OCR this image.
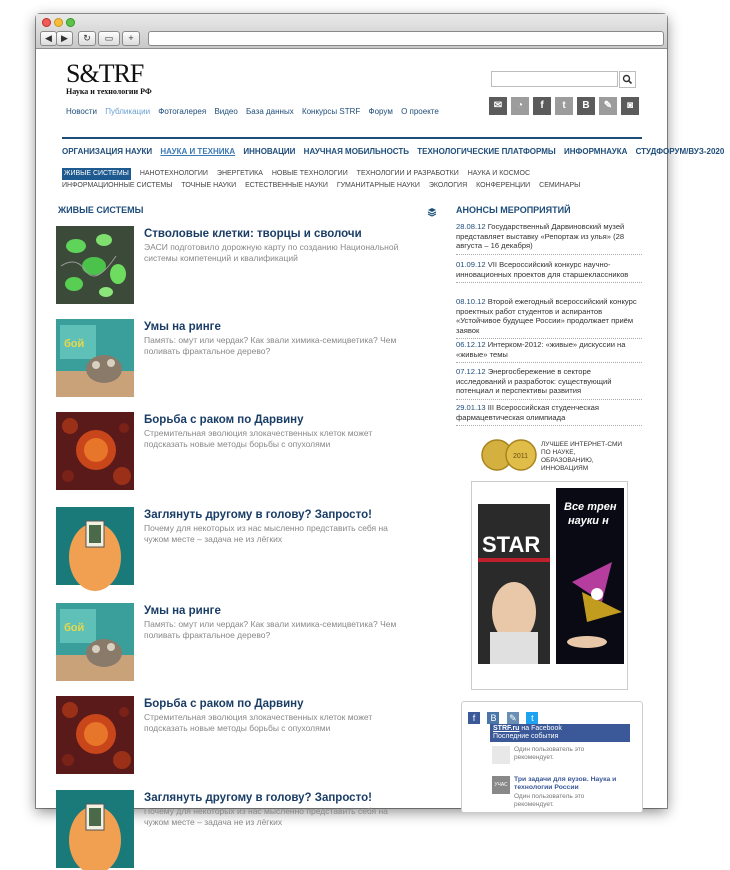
◀	▶	↻	▭	+
S&TRF
Наука и технологии РФ
Новости Публикации Фотогалерея Видео База данных Конкурсы STRF Форум О проекте
✉	◔	f	t	B	✎	◙
ОРГАНИЗАЦИЯ НАУКИ НАУКА И ТЕХНИКА ИННОВАЦИИ НАУЧНАЯ МОБИЛЬНОСТЬ ТЕХНОЛОГИЧЕСКИЕ ПЛАТФОРМЫ ИНФОРМНАУКА СТУДФОРУМ/ВУЗ-2020
ЖИВЫЕ СИСТЕМЫ НАНОТЕХНОЛОГИИ ЭНЕРГЕТИКА НОВЫЕ ТЕХНОЛОГИИ ТЕХНОЛОГИИ И РАЗРАБОТКИ НАУКА И КОСМОС ИНФОРМАЦИОННЫЕ СИСТЕМЫ ТОЧНЫЕ НАУКИ ЕСТЕСТВЕННЫЕ НАУКИ ГУМАНИТАРНЫЕ НАУКИ ЭКОЛОГИЯ КОНФЕРЕНЦИИ СЕМИНАРЫ
ЖИВЫЕ СИСТЕМЫ
Стволовые клетки: творцы и сволочи
ЭАСИ подготовило дорожную карту по созданию Национальной системы компетенций и квалификаций
бой
Умы на ринге
Память: омут или чердак? Как звали химика-семицветика? Чем поливать фрактальное дерево?
Борьба с раком по Дарвину
Стремительная эволюция злокачественных клеток может подсказать новые методы борьбы с опухолями
Заглянуть другому в голову? Запросто!
Почему для некоторых из нас мысленно представить себя на чужом месте – задача не из лёгких
бой
Умы на ринге
Память: омут или чердак? Как звали химика-семицветика? Чем поливать фрактальное дерево?
Борьба с раком по Дарвину
Стремительная эволюция злокачественных клеток может подсказать новые методы борьбы с опухолями
Заглянуть другому в голову? Запросто!
Почему для некоторых из нас мысленно представить себя на чужом месте – задача не из лёгких
АНОНСЫ МЕРОПРИЯТИЙ
28.08.12 Государственный Дарвиновский музей представляет выставку «Репортаж из улья» (28 августа – 16 декабря)
01.09.12 VII Всероссийский конкурс научно-инновационных проектов для старшеклассников
08.10.12 Второй ежегодный всероссийский конкурс проектных работ студентов и аспирантов «Устойчивое будущее России» продолжает приём заявок
06.12.12 Интерком-2012: «живые» дискуссии на «живые» темы
07.12.12 Энергосбережение в секторе исследований и разработок: существующий потенциал и перспективы развития
29.01.13 III Всероссийская студенческая фармацевтическая олимпиада
2011
ЛУЧШЕЕ ИНТЕРНЕТ-СМИ ПО НАУКЕ, ОБРАЗОВАНИЮ, ИННОВАЦИЯМ
STAR
Все трен
науки н
f B ✎ t
STRF.ru на Facebook
Последние события
Один пользователь это рекомендует.
УЧАС
Три задачи для вузов. Наука и технологии России
Один пользователь это рекомендует.
